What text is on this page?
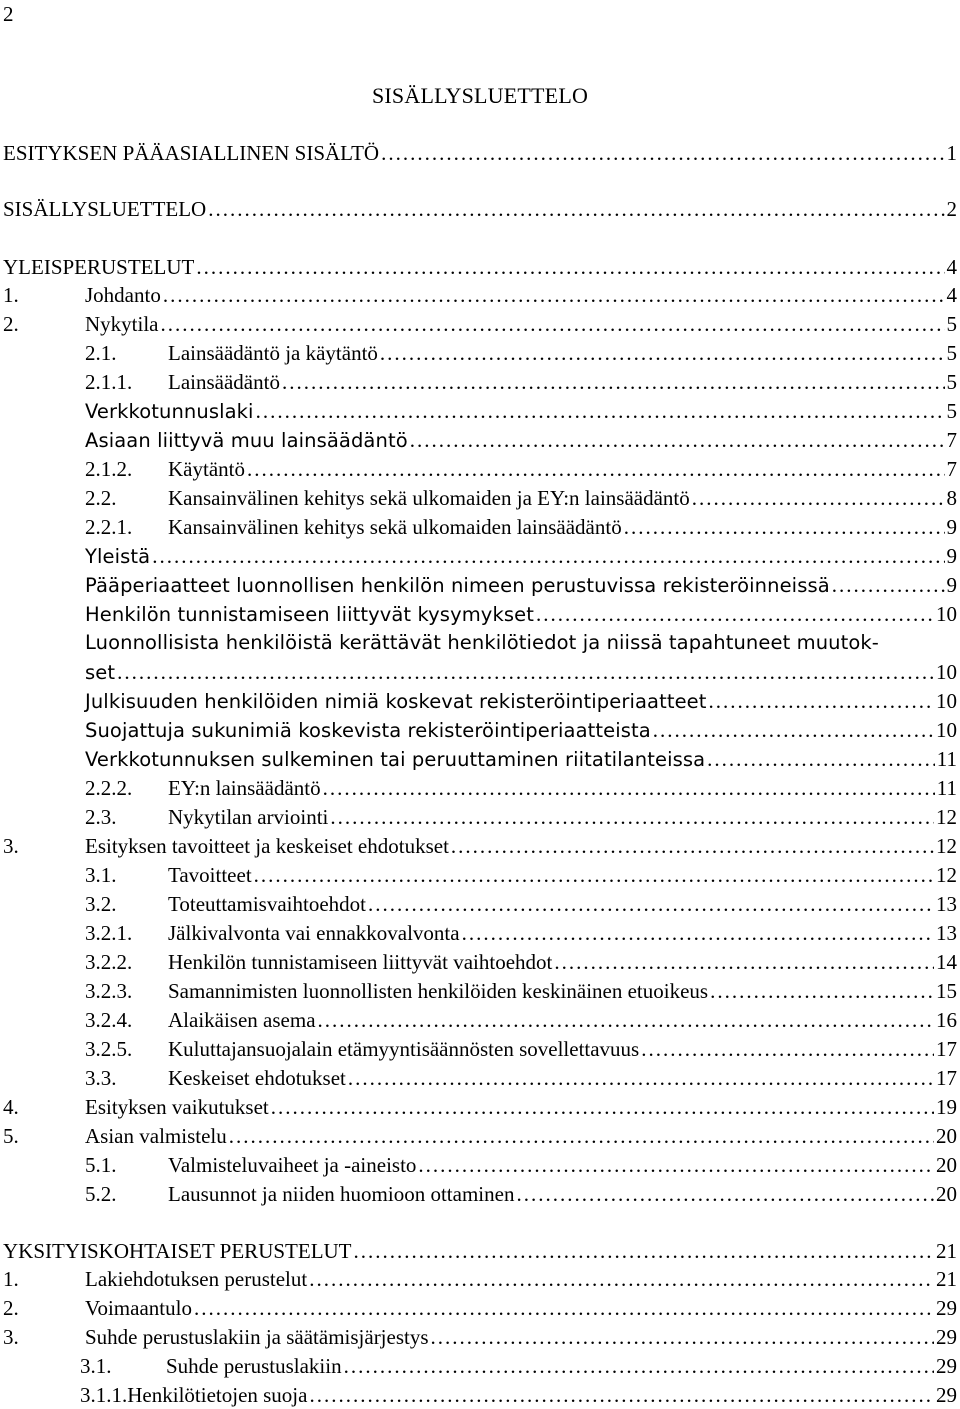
2
SISÄLLYSLUETTELO
ESITYKSEN PÄÄASIALLINEN SISÄLTÖ .....	1
SISÄLLYSLUETTELO .....	2
YLEISPERUSTELUT .....	4
1.	Johdanto .....	4
2.	Nykytila .....	5
2.1.	Lainsäädäntö ja käytäntö .....	5
2.1.1.	Lainsäädäntö .....	5
Verkkotunnuslaki .....	5
Asiaan liittyvä muu lainsäädäntö .....	7
2.1.2.	Käytäntö .....	7
2.2.	Kansainvälinen kehitys sekä ulkomaiden ja EY:n lainsäädäntö .....	8
2.2.1.	Kansainvälinen kehitys sekä ulkomaiden lainsäädäntö .....	9
Yleistä .....	9
Pääperiaatteet luonnollisen henkilön nimeen perustuvissa rekisteröinneissä .....	9
Henkilön tunnistamiseen liittyvät kysymykset .....	10
Luonnollisista henkilöistä kerättävät henkilötiedot ja niissä tapahtuneet muutok-
set .....	10
Julkisuuden henkilöiden nimiä koskevat rekisteröintiperiaatteet .....	10
Suojattuja sukunimiä koskevista rekisteröintiperiaatteista .....	10
Verkkotunnuksen sulkeminen tai peruuttaminen riitatilanteissa .....	11
2.2.2.	EY:n lainsäädäntö .....	11
2.3.	Nykytilan arviointi .....	12
3.	Esityksen tavoitteet ja keskeiset ehdotukset .....	12
3.1.	Tavoitteet .....	12
3.2.	Toteuttamisvaihtoehdot .....	13
3.2.1.	Jälkivalvonta vai ennakkovalvonta .....	13
3.2.2.	Henkilön tunnistamiseen liittyvät vaihtoehdot .....	14
3.2.3.	Samannimisten luonnollisten henkilöiden keskinäinen etuoikeus .....	15
3.2.4.	Alaikäisen asema .....	16
3.2.5.	Kuluttajansuojalain etämyyntisäännösten sovellettavuus .....	17
3.3.	Keskeiset ehdotukset .....	17
4.	Esityksen vaikutukset .....	19
5.	Asian valmistelu .....	20
5.1.	Valmisteluvaiheet ja -aineisto .....	20
5.2.	Lausunnot ja niiden huomioon ottaminen .....	20
YKSITYISKOHTAISET PERUSTELUT .....	21
1.	Lakiehdotuksen perustelut .....	21
2.	Voimaantulo .....	29
3.	Suhde perustuslakiin ja säätämisjärjestys .....	29
3.1.	Suhde perustuslakiin .....	29
3.1.1. Henkilötietojen suoja .....	29
